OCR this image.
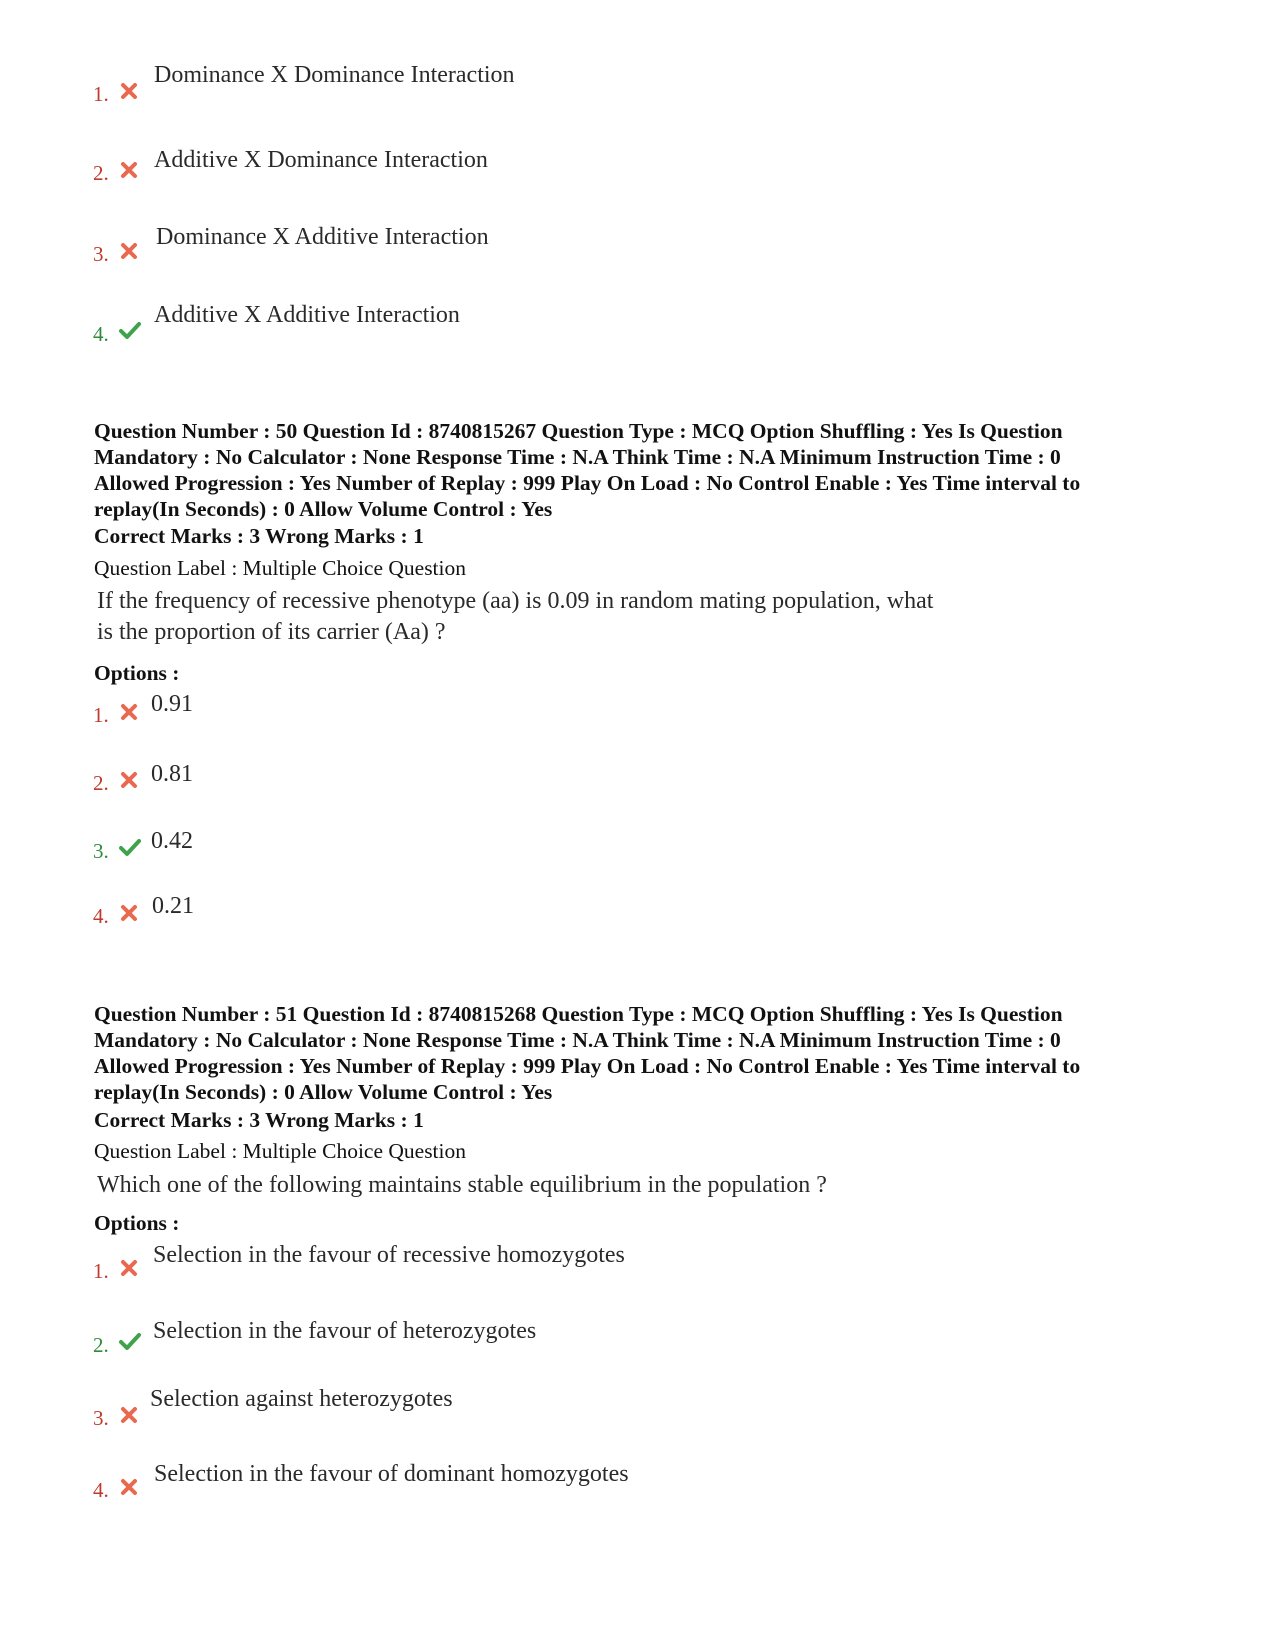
1.
Dominance X Dominance Interaction
2. Additive X Dominance Interaction
3.
Dominance X Additive Interaction
4.
Additive X Additive Interaction
Question Number : 50 Question Id : 8740815267 Question Type : MCQ Option Shuffling : Yes Is Question
Mandatory : No Calculator : None Response Time : N.A Think Time : N.A Minimum Instruction Time : 0
Allowed Progression : Yes Number of Replay : 999 Play On Load : No Control Enable : Yes Time interval to
replay(In Seconds) : 0 Allow Volume Control : Yes
Correct Marks : 3 Wrong Marks : 1
Question Label : Multiple Choice Question
If the frequency of recessive phenotype (aa) is 0.09 in random mating population, what
is the proportion of its carrier (Aa) ?
Options :
1. 0.91
2. 0.81
3. 0.42
4. 0.21
Question Number : 51 Question Id : 8740815268 Question Type : MCQ Option Shuffling : Yes Is Question
Mandatory : No Calculator : None Response Time : N.A Think Time : N.A Minimum Instruction Time : 0
Allowed Progression : Yes Number of Replay : 999 Play On Load : No Control Enable : Yes Time interval to
replay(In Seconds) : 0 Allow Volume Control : Yes
Correct Marks : 3 Wrong Marks : 1
Question Label : Multiple Choice Question
Which one of the following maintains stable equilibrium in the population ?
Options :
1.
Selection in the favour of recessive homozygotes
2.
Selection in the favour of heterozygotes
3.
Selection against heterozygotes
4.
Selection in the favour of dominant homozygotes
